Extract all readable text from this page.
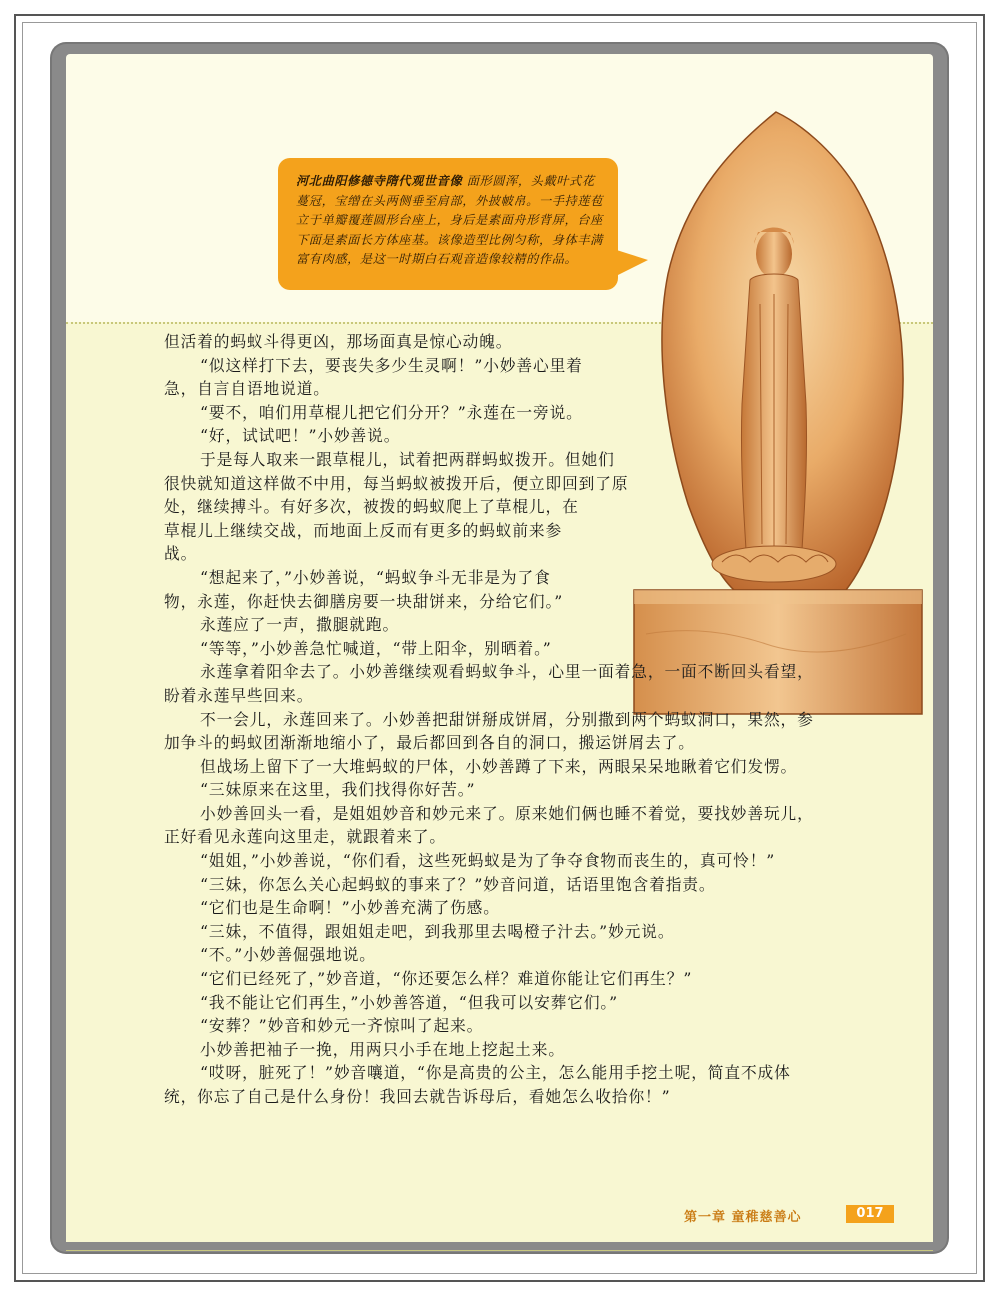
但活着的蚂蚁斗得更凶，那场面真是惊心动魄。

“似这样打下去，要丧失多少生灵啊！”小妙善心里着

急，自言自语地说道。

“要不，咱们用草棍儿把它们分开？”永莲在一旁说。

“好，试试吧！”小妙善说。

于是每人取来一跟草棍儿，试着把两群蚂蚁拨开。但她们

很快就知道这样做不中用，每当蚂蚁被拨开后，便立即回到了原

处，继续搏斗。有好多次，被拨的蚂蚁爬上了草棍儿，在

草棍儿上继续交战，而地面上反而有更多的蚂蚁前来参

战。

“想起来了，”小妙善说，“蚂蚁争斗无非是为了食

物，永莲，你赶快去御膳房要一块甜饼来，分给它们。”

永莲应了一声，撒腿就跑。

“等等，”小妙善急忙喊道，“带上阳伞，别晒着。”

永莲拿着阳伞去了。小妙善继续观看蚂蚁争斗，心里一面着急，一面不断回头看望，

盼着永莲早些回来。

不一会儿，永莲回来了。小妙善把甜饼掰成饼屑，分别撒到两个蚂蚁洞口，果然，参

加争斗的蚂蚁团渐渐地缩小了，最后都回到各自的洞口，搬运饼屑去了。

但战场上留下了一大堆蚂蚁的尸体，小妙善蹲了下来，两眼呆呆地瞅着它们发愣。

“三妹原来在这里，我们找得你好苦。”

小妙善回头一看，是姐姐妙音和妙元来了。原来她们俩也睡不着觉，要找妙善玩儿，

正好看见永莲向这里走，就跟着来了。

“姐姐，”小妙善说，“你们看，这些死蚂蚁是为了争夺食物而丧生的，真可怜！”

“三妹，你怎么关心起蚂蚁的事来了？”妙音问道，话语里饱含着指责。

“它们也是生命啊！”小妙善充满了伤感。

“三妹，不值得，跟姐姐走吧，到我那里去喝橙子汁去。”妙元说。

“不。”小妙善倔强地说。

“它们已经死了，”妙音道，“你还要怎么样？难道你能让它们再生？”

“我不能让它们再生，”小妙善答道，“但我可以安葬它们。”

“安葬？”妙音和妙元一齐惊叫了起来。

小妙善把袖子一挽，用两只小手在地上挖起土来。

“哎呀，脏死了！”妙音嚷道，“你是高贵的公主，怎么能用手挖土呢，简直不成体

统，你忘了自己是什么身份！我回去就告诉母后，看她怎么收拾你！”

河北曲阳修德寺隋代观世音像 面形圆浑，头戴叶式花蔓冠，宝缯在头两侧垂至肩部，外披帔帛。一手持莲苞立于单瓣覆莲圆形台座上，身后是素面舟形背屏，台座下面是素面长方体座基。该像造型比例匀称，身体丰满富有肉感，是这一时期白石观音造像较精的作品。
第一章 童稚慈善心	017
